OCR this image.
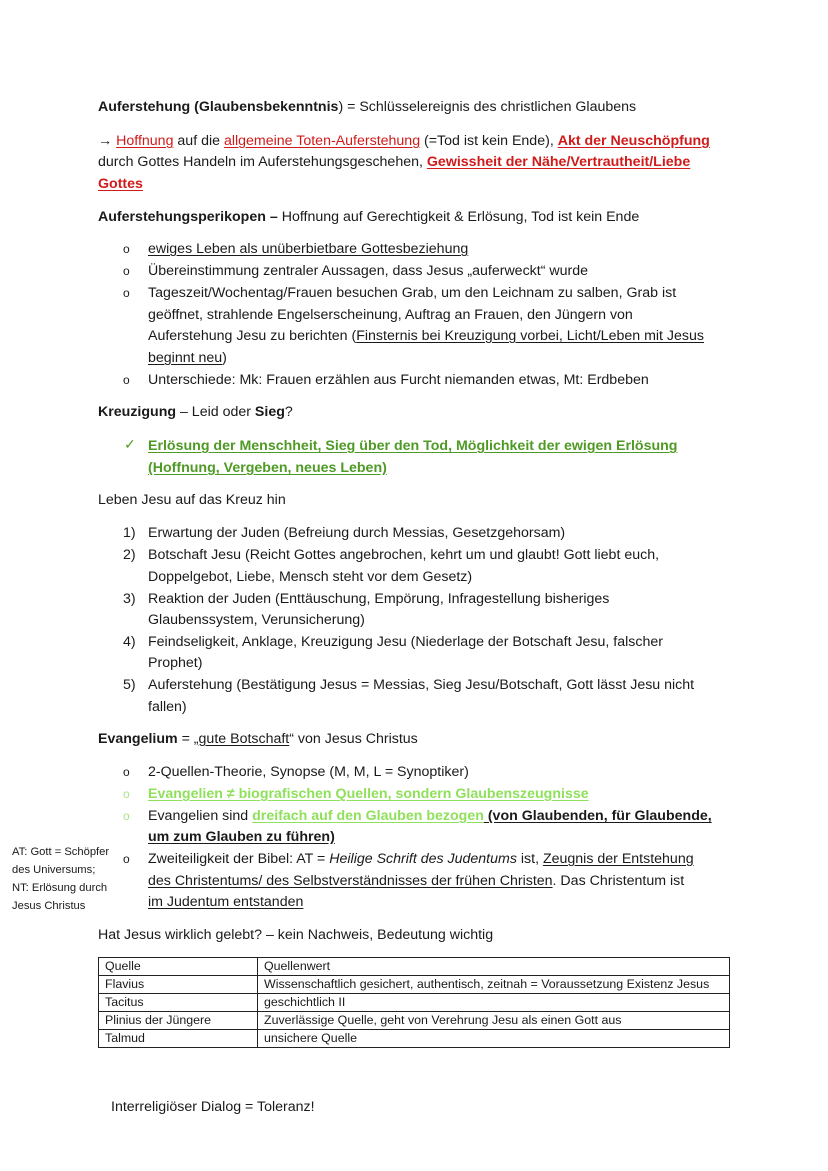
Auferstehung (Glaubensbekenntnis) = Schlüsselereignis des christlichen Glaubens
→ Hoffnung auf die allgemeine Toten-Auferstehung (=Tod ist kein Ende), Akt der Neuschöpfung
durch Gottes Handeln im Auferstehungsgeschehen, Gewissheit der Nähe/Vertrautheit/Liebe
Gottes
Auferstehungsperikopen – Hoffnung auf Gerechtigkeit & Erlösung, Tod ist kein Ende
o ewiges Leben als unüberbietbare Gottesbeziehung
o Übereinstimmung zentraler Aussagen, dass Jesus „auferweckt“ wurde
o Tageszeit/Wochentag/Frauen besuchen Grab, um den Leichnam zu salben, Grab ist
geöffnet, strahlende Engelserscheinung, Auftrag an Frauen, den Jüngern von
Auferstehung Jesu zu berichten (Finsternis bei Kreuzigung vorbei, Licht/Leben mit Jesus
beginnt neu)
o Unterschiede: Mk: Frauen erzählen aus Furcht niemanden etwas, Mt: Erdbeben
Kreuzigung – Leid oder Sieg?
✓ Erlösung der Menschheit, Sieg über den Tod, Möglichkeit der ewigen Erlösung
(Hoffnung, Vergeben, neues Leben)
Leben Jesu auf das Kreuz hin
1) Erwartung der Juden (Befreiung durch Messias, Gesetzgehorsam)
2) Botschaft Jesu (Reicht Gottes angebrochen, kehrt um und glaubt! Gott liebt euch,
Doppelgebot, Liebe, Mensch steht vor dem Gesetz)
3) Reaktion der Juden (Enttäuschung, Empörung, Infragestellung bisheriges
Glaubenssystem, Verunsicherung)
4) Feindseligkeit, Anklage, Kreuzigung Jesu (Niederlage der Botschaft Jesu, falscher
Prophet)
5) Auferstehung (Bestätigung Jesus = Messias, Sieg Jesu/Botschaft, Gott lässt Jesu nicht
fallen)
Evangelium = „gute Botschaft“ von Jesus Christus
o 2-Quellen-Theorie, Synopse (M, M, L = Synoptiker)
o Evangelien ≠ biografischen Quellen, sondern Glaubenszeugnisse
o Evangelien sind dreifach auf den Glauben bezogen (von Glaubenden, für Glaubende,
um zum Glauben zu führen)
o Zweiteiligkeit der Bibel: AT = Heilige Schrift des Judentums ist, Zeugnis der Entstehung
des Christentums/ des Selbstverständnisses der frühen Christen. Das Christentum ist
im Judentum entstanden
AT: Gott = Schöpfer
des Universums;
NT: Erlösung durch
Jesus Christus
Hat Jesus wirklich gelebt? – kein Nachweis, Bedeutung wichtig
Quelle	Quellenwert
Flavius	Wissenschaftlich gesichert, authentisch, zeitnah = Voraussetzung Existenz Jesus
Tacitus	geschichtlich II
Plinius der Jüngere	Zuverlässige Quelle, geht von Verehrung Jesu als einen Gott aus
Talmud	unsichere Quelle
Interreligiöser Dialog = Toleranz!
